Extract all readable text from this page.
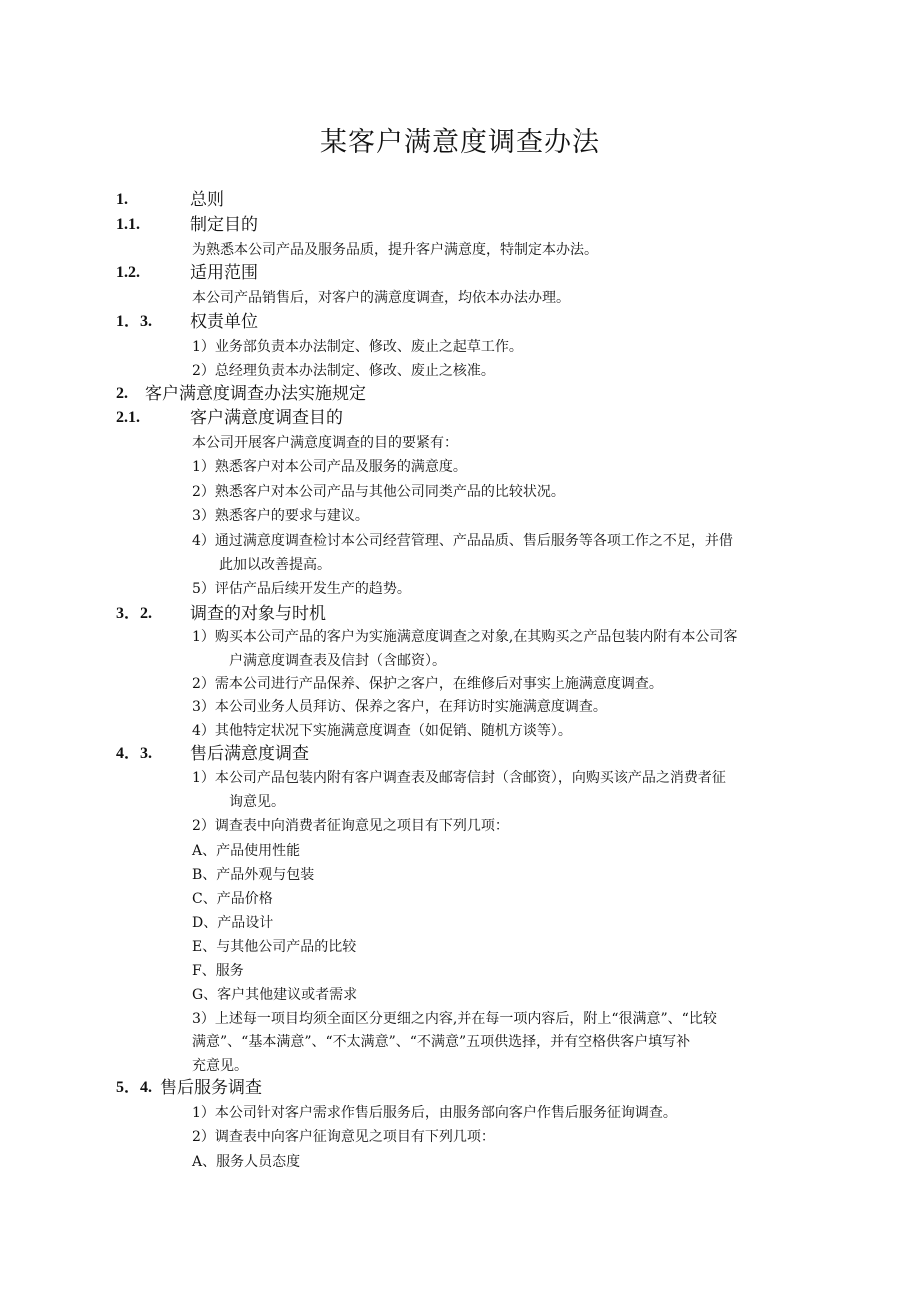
某客户满意度调查办法
1.	总则
1.1.	制定目的
为熟悉本公司产品及服务品质，提升客户满意度，特制定本办法。
1.2.	适用范围
本公司产品销售后，对客户的满意度调查，均依本办法办理。
1．3. 权责单位
1）业务部负责本办法制定、修改、废止之起草工作。
2）总经理负责本办法制定、修改、废止之核准。
2. 客户满意度调查办法实施规定
2.1.	客户满意度调查目的
本公司开展客户满意度调查的目的要紧有：
1）熟悉客户对本公司产品及服务的满意度。
2）熟悉客户对本公司产品与其他公司同类产品的比较状况。
3）熟悉客户的要求与建议。
4）通过满意度调查检讨本公司经营管理、产品品质、售后服务等各项工作之不足，并借
此加以改善提高。
5）评估产品后续开发生产的趋势。
3．2. 调查的对象与时机
1）购买本公司产品的客户为实施满意度调查之对象,在其购买之产品包装内附有本公司客
户满意度调查表及信封（含邮资）。
2）需本公司进行产品保养、保护之客户，在维修后对事实上施满意度调查。
3）本公司业务人员拜访、保养之客户，在拜访时实施满意度调查。
4）其他特定状况下实施满意度调查（如促销、随机方谈等）。
4．3. 售后满意度调查
1）本公司产品包装内附有客户调查表及邮寄信封（含邮资），向购买该产品之消费者征
询意见。
2）调查表中向消费者征询意见之项目有下列几项：
A、产品使用性能
B、产品外观与包装
C、产品价格
D、产品设计
E、与其他公司产品的比较
F、服务
G、客户其他建议或者需求
3）上述每一项目均须全面区分更细之内容,并在每一项内容后，附上“很满意”、“比较
满意”、“基本满意”、“不太满意”、“不满意”五项供选择，并有空格供客户填写补
充意见。
5．4. 售后服务调查
1）本公司针对客户需求作售后服务后，由服务部向客户作售后服务征询调查。
2）调查表中向客户征询意见之项目有下列几项：
A、服务人员态度
